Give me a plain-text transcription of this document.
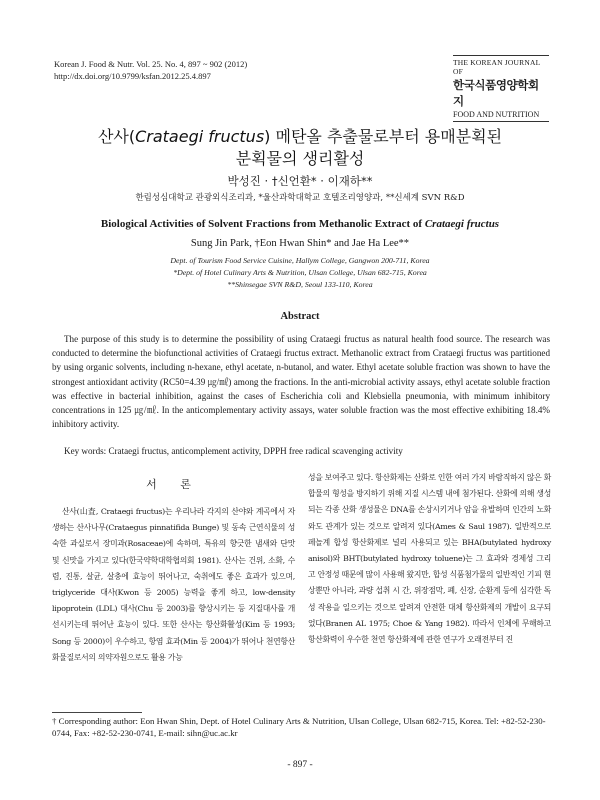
Korean J. Food & Nutr. Vol. 25. No. 4, 897 ~ 902 (2012)
http://dx.doi.org/10.9799/ksfan.2012.25.4.897
THE KOREAN JOURNAL OF
한국식품영양학회지
FOOD AND NUTRITION
산사(Crataegi fructus) 메탄올 추출물로부터 용매분획된
분획물의 생리활성
박성진 · †신언환* · 이재하**
한림성심대학교 관광외식조리과, *울산과학대학교 호텔조리영양과, **신세계 SVN R&D
Biological Activities of Solvent Fractions from Methanolic Extract of Crataegi fructus
Sung Jin Park, †Eon Hwan Shin* and Jae Ha Lee**
Dept. of Tourism Food Service Cuisine, Hallym College, Gangwon 200-711, Korea
*Dept. of Hotel Culinary Arts & Nutrition, Ulsan College, Ulsan 682-715, Korea
**Shinsegae SVN R&D, Seoul 133-110, Korea
Abstract

The purpose of this study is to determine the possibility of using Crataegi fructus as natural health food source. The research was conducted to determine the biofunctional activities of Crataegi fructus extract. Methanolic extract from Crataegi fructus was partitioned by using organic solvents, including n-hexane, ethyl acetate, n-butanol, and water. Ethyl acetate soluble fraction was shown to have the strongest antioxidant activity (RC50=4.39 ㎍/㎖) among the fractions. In the anti-microbial activity assays, ethyl acetate soluble fraction was effective in bacterial inhibition, against the cases of Escherichia coli and Klebsiella pneumonia, with minimum inhibitory concentrations in 125 ㎍/㎖. In the anticomplementary activity assays, water soluble fraction was the most effective exhibiting 18.4% inhibitory activity.

Key words: Crataegi fructus, anticomplement activity, DPPH free radical scavenging activity
서 론

산사(山査, Crataegi fructus)는 우리나라 각지의 산야와 계곡에서 자생하는 산사나무(Crataegus pinnatifida Bunge) 및 동속 근연식물의 성숙한 과실로서 장미과(Rosaceae)에 속하며, 특유의 향긋한 냄새와 단맛 및 신맛을 가지고 있다(한국약학대학협의회 1981). 산사는 건위, 소화, 수렴, 진통, 살균, 살충에 효능이 뛰어나고, 숙취에도 좋은 효과가 있으며, triglyceride 대사(Kwon 등 2005) 능력을 좋게 하고, low-density lipoprotein (LDL) 대사(Chu 등 2003)를 향상시키는 등 지질대사를 개선시키는데 뛰어난 효능이 있다. 또한 산사는 항산화활성(Kim 등 1993; Song 등 2000)이 우수하고, 항염 효과(Min 등 2004)가 뛰어나 천연항산화물질로서의 의약자원으로도 활용 가능

성을 보여주고 있다. 항산화제는 산화로 인한 여러 가지 바람직하지 않은 화합물의 형성을 방지하기 위해 지질 시스템 내에 첨가된다. 산화에 의해 생성되는 각종 산화 생성물은 DNA를 손상시키거나 암을 유발하며 인간의 노화와도 관계가 있는 것으로 알려져 있다(Ames & Saul 1987). 일반적으로 페놀계 합성 항산화제로 널리 사용되고 있는 BHA(butylated hydroxy anisol)와 BHT(butylated hydroxy toluene)는 그 효과와 경제성 그리고 안정성 때문에 많이 사용해 왔지만, 합성 식품첨가물의 일반적인 기피 현상뿐만 아니라, 과량 섭취 시 간, 위장점막, 폐, 신장, 순환계 등에 심각한 독성 작용을 일으키는 것으로 알려져 안전한 대체 항산화제의 개발이 요구되었다(Branen AL 1975; Choe & Yang 1982). 따라서 인체에 무해하고 항산화력이 우수한 천연 항산화제에 관한 연구가 오래전부터 진

† Corresponding author: Eon Hwan Shin, Dept. of Hotel Culinary Arts & Nutrition, Ulsan College, Ulsan 682-715, Korea. Tel: +82-52-230-0744, Fax: +82-52-230-0741, E-mail: sihn@uc.ac.kr
- 897 -
